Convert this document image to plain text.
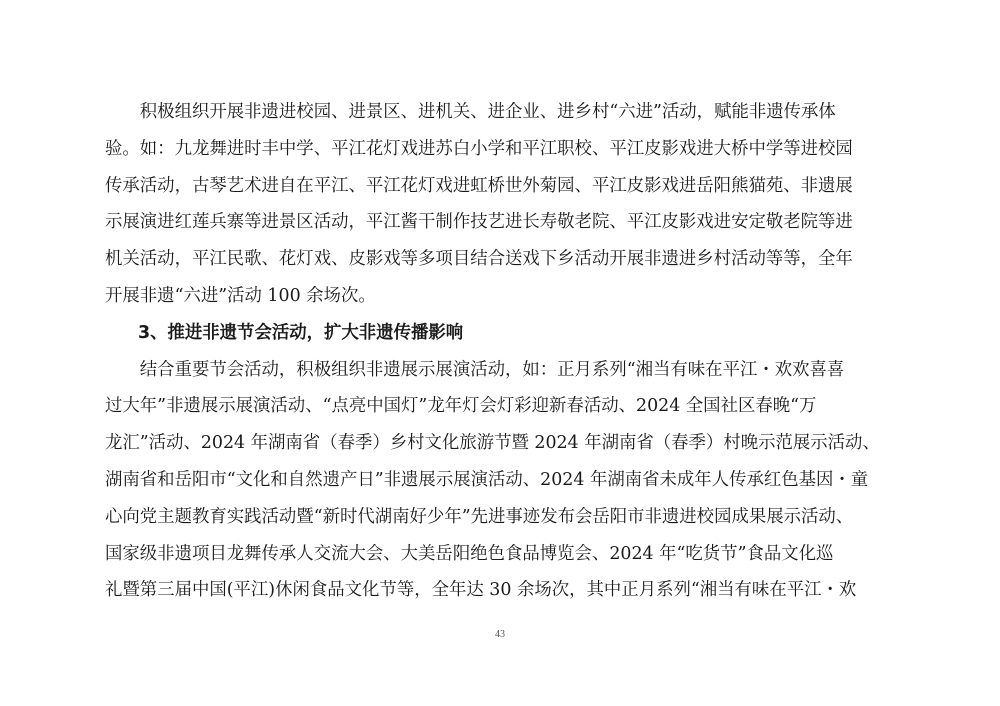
　　积极组织开展非遗进校园、进景区、进机关、进企业、进乡村“六进”活动，赋能非遗传承体
验。如：九龙舞进时丰中学、平江花灯戏进苏白小学和平江职校、平江皮影戏进大桥中学等进校园
传承活动，古琴艺术进自在平江、平江花灯戏进虹桥世外菊园、平江皮影戏进岳阳熊猫苑、非遗展
示展演进红莲兵寨等进景区活动，平江酱干制作技艺进长寿敬老院、平江皮影戏进安定敬老院等进
机关活动，平江民歌、花灯戏、皮影戏等多项目结合送戏下乡活动开展非遗进乡村活动等等，全年
开展非遗“六进”活动 100 余场次。
3、推进非遗节会活动，扩大非遗传播影响
　　结合重要节会活动，积极组织非遗展示展演活动，如：正月系列“湘当有味在平江・欢欢喜喜
过大年”非遗展示展演活动、“点亮中国灯”龙年灯会灯彩迎新春活动、2024 全国社区春晚“万
龙汇”活动、2024 年湖南省（春季）乡村文化旅游节暨 2024 年湖南省（春季）村晚示范展示活动、
湖南省和岳阳市“文化和自然遗产日”非遗展示展演活动、2024 年湖南省未成年人传承红色基因・童
心向党主题教育实践活动暨“新时代湖南好少年”先进事迹发布会岳阳市非遗进校园成果展示活动、
国家级非遗项目龙舞传承人交流大会、大美岳阳绝色食品博览会、2024 年“吃货节”食品文化巡
礼暨第三届中国(平江)休闲食品文化节等，全年达 30 余场次，其中正月系列“湘当有味在平江・欢
43
